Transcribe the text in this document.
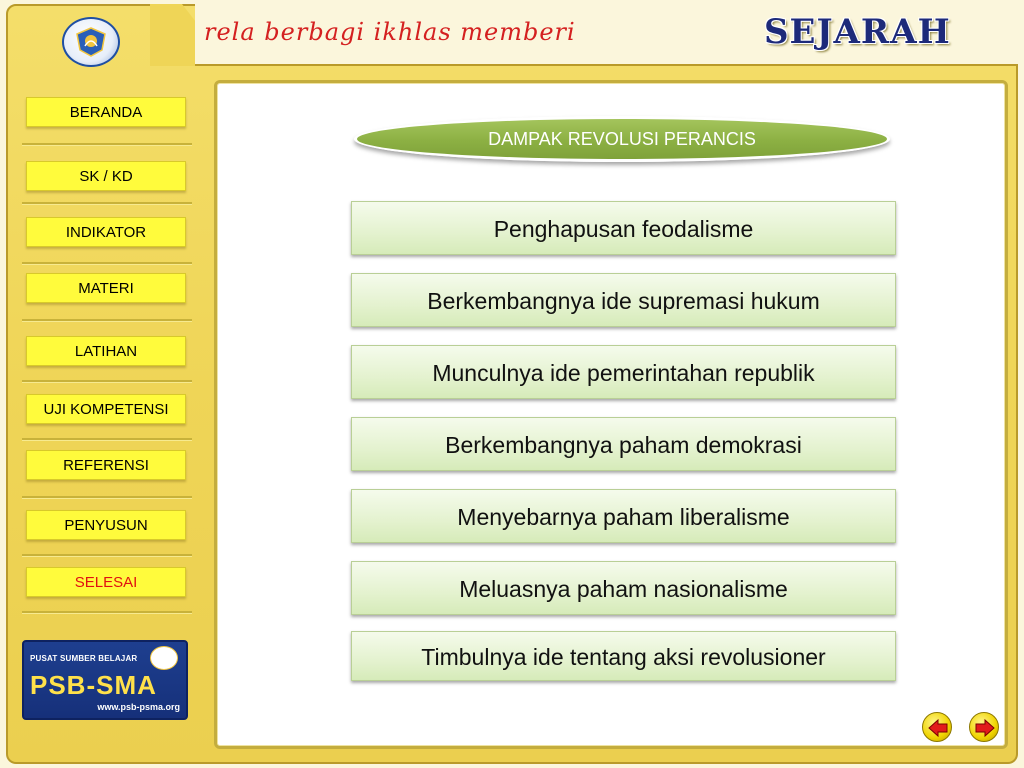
rela berbagi ikhlas memberi	SEJARAH
BERANDA
SK / KD
INDIKATOR
MATERI
LATIHAN
UJI KOMPETENSI
REFERENSI
PENYUSUN
SELESAI
PUSAT SUMBER BELAJAR
PSB-SMA
www.psb-psma.org
DAMPAK REVOLUSI PERANCIS
Penghapusan feodalisme
Berkembangnya ide supremasi hukum
Munculnya ide pemerintahan republik
Berkembangnya paham demokrasi
Menyebarnya paham liberalisme
Meluasnya paham nasionalisme
Timbulnya ide tentang aksi revolusioner
